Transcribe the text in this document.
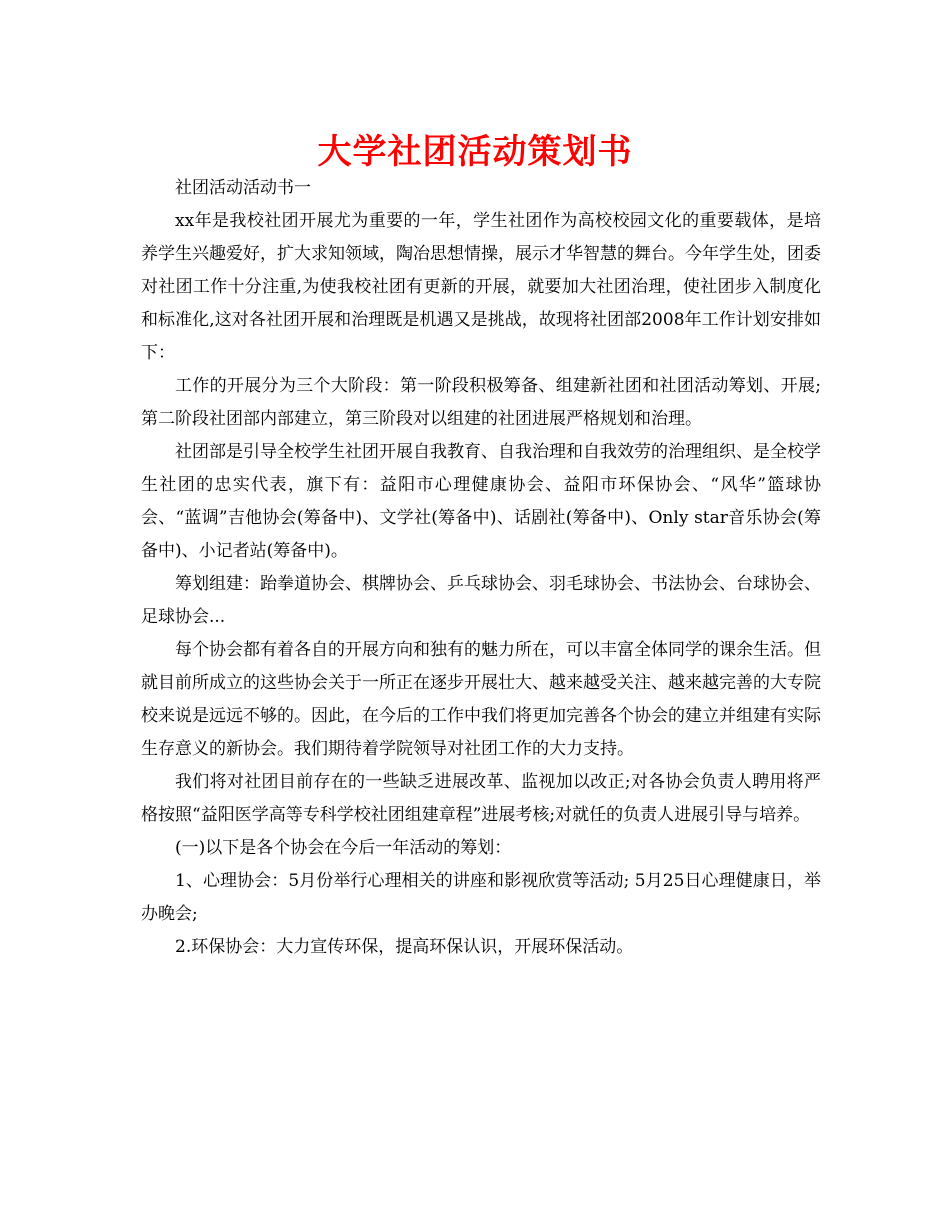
大学社团活动策划书

社团活动活动书一

xx年是我校社团开展尤为重要的一年，学生社团作为高校校园文化的重要载体，是培养学生兴趣爱好，扩大求知领域，陶冶思想情操，展示才华智慧的舞台。今年学生处，团委对社团工作十分注重,为使我校社团有更新的开展，就要加大社团治理，使社团步入制度化和标准化,这对各社团开展和治理既是机遇又是挑战，故现将社团部2008年工作计划安排如下：

工作的开展分为三个大阶段：第一阶段积极筹备、组建新社团和社团活动筹划、开展;第二阶段社团部内部建立，第三阶段对以组建的社团进展严格规划和治理。

社团部是引导全校学生社团开展自我教育、自我治理和自我效劳的治理组织、是全校学生社团的忠实代表，旗下有：益阳市心理健康协会、益阳市环保协会、“风华”篮球协会、“蓝调”吉他协会(筹备中)、文学社(筹备中)、话剧社(筹备中)、Only star音乐协会(筹备中)、小记者站(筹备中)。

筹划组建：跆拳道协会、棋牌协会、乒乓球协会、羽毛球协会、书法协会、台球协会、足球协会...

每个协会都有着各自的开展方向和独有的魅力所在，可以丰富全体同学的课余生活。但就目前所成立的这些协会关于一所正在逐步开展壮大、越来越受关注、越来越完善的大专院校来说是远远不够的。因此，在今后的工作中我们将更加完善各个协会的建立并组建有实际生存意义的新协会。我们期待着学院领导对社团工作的大力支持。

我们将对社团目前存在的一些缺乏进展改革、监视加以改正;对各协会负责人聘用将严格按照“益阳医学高等专科学校社团组建章程”进展考核;对就任的负责人进展引导与培养。

(一)以下是各个协会在今后一年活动的筹划：

1、心理协会：5月份举行心理相关的讲座和影视欣赏等活动; 5月25日心理健康日，举办晚会;

2.环保协会：大力宣传环保，提高环保认识，开展环保活动。
